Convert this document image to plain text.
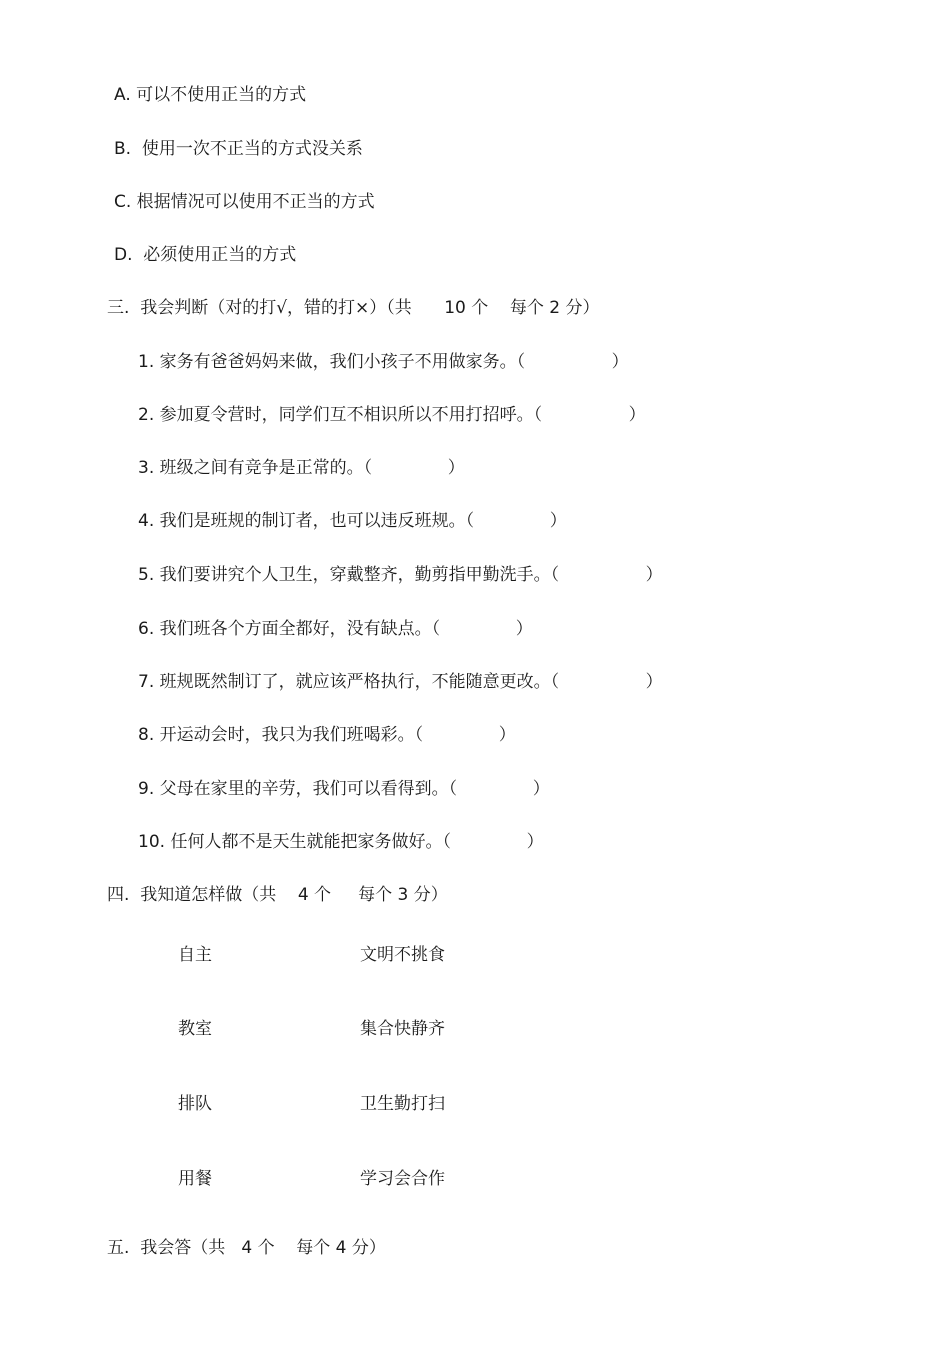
A. 可以不使用正当的方式
B.  使用一次不正当的方式没关系
C. 根据情况可以使用不正当的方式
D.  必须使用正当的方式
三.  我会判断（对的打√，错的打×）（共      10 个    每个 2 分）
1. 家务有爸爸妈妈来做，我们小孩子不用做家务。（                ）
2. 参加夏令营时，同学们互不相识所以不用打招呼。（                ）
3. 班级之间有竞争是正常的。（              ）
4. 我们是班规的制订者，也可以违反班规。（              ）
5. 我们要讲究个人卫生，穿戴整齐，勤剪指甲勤洗手。（                ）
6. 我们班各个方面全都好，没有缺点。（              ）
7. 班规既然制订了，就应该严格执行，不能随意更改。（                ）
8. 开运动会时，我只为我们班喝彩。（              ）
9. 父母在家里的辛劳，我们可以看得到。（              ）
10. 任何人都不是天生就能把家务做好。（              ）
四.  我知道怎样做（共    4 个     每个 3 分）
自主	文明不挑食
教室	集合快静齐
排队	卫生勤打扫
用餐	学习会合作
五.  我会答（共   4 个    每个 4 分）
